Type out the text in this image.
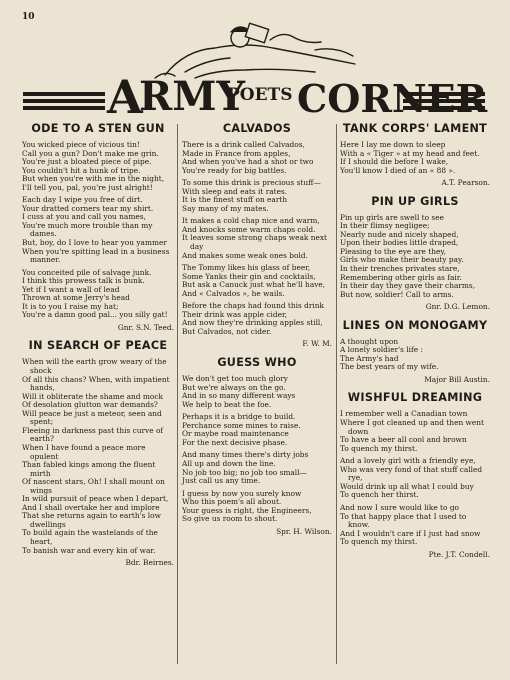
10
A
RMY
POETS CORNER
ODE TO A STEN GUN
You wicked piece of vicious tin!
Call you a gun? Don't make me grin.
You're just a bloated piece of pipe.
You couldn't hit a hunk of tripe.
But when you're with me in the night,
I'll tell you, pal, you're just alright!
Each day I wipe you free of dirt.
Your dratted corners tear my shirt.
I cuss at you and call you names,
You're much more trouble than my dames.
But, boy, do I love to hear you yammer
When you're spitting lead in a business manner.
You conceited pile of salvage junk.
I think this prowess talk is bunk.
Yet if I want a wall of lead
Thrown at some Jerry's head
It is to you I raise my hat;
You're a damn good pal... you silly gat!
Gnr. S.N. Teed.
IN SEARCH OF PEACE
When will the earth grow weary of the shock
Of all this chaos? When, with impatient hands,
Will it obliterate the shame and mock
Of desolation glutton war demands?
Will peace be just a meteor, seen and spent;
Fleeing in darkness past this curve of earth?
When I have found a peace more opulent
Than fabled kings among the fluent mirth
Of nascent stars, Oh! I shall mount on wings
In wild pursuit of peace when I depart,
And I shall overtake her and implore
That she returns again to earth's low dwellings
To build again the wastelands of the heart,
To banish war and every kin of war.
Bdr. Beirnes.
CALVADOS
There is a drink called Calvados,
Made in France from apples,
And when you've had a shot or two
You're ready for big battles.
To some this drink is precious stuff—
With sleep and eats it rates.
It is the finest stuff on earth
Say many of my mates.
It makes a cold chap nice and warm,
And knocks some warm chaps cold.
It leaves some strong chaps weak next day
And makes some weak ones bold.
The Tommy likes his glass of beer,
Some Yanks their gin and cocktails,
But ask a Canuck just what he'll have,
And « Calvados », he wails.
Before the chaps had found this drink
Their drink was apple cider,
And now they're drinking apples still,
But Calvados, not cider.
F. W. M.
GUESS WHO
We don't get too much glory
But we're always on the go.
And in so many different ways
We help to beat the foe.
Perhaps it is a bridge to build.
Perchance some mines to raise.
Or maybe road maintenance
For the next decisive phase.
And many times there's dirty jobs
All up and down the line.
No job too big; no job too small—
Just call us any time.
I guess by now you surely know
Who this poem's all about.
Your guess is right, the Engineers,
So give us room to shout.
Spr. H. Wilson.
TANK CORPS' LAMENT
Here I lay me down to sleep
With a « Tiger » at my head and feet.
If I should die before I wake,
You'll know I died of an « 88 ».
A.T. Pearson.
PIN UP GIRLS
Pin up girls are swell to see
In their flimsy negligee;
Nearly nude and nicely shaped,
Upon their bodies little draped,
Pleasing to the eye are they,
Girls who make their beauty pay.
In their trenches privates stare,
Remembering other girls as fair.
In their day they gave their charms,
But now, soldier! Call to arms.
Gnr. D.G. Lemon.
LINES ON MONOGAMY
A thought upon
A lonely soldier's life :
The Army's had
The best years of my wife.
Major Bill Austin.
WISHFUL DREAMING
I remember well a Canadian town
Where I got cleaned up and then went down
To have a beer all cool and brown
To quench my thirst.
And a lovely girl with a friendly eye,
Who was very fond of that stuff called rye,
Would drink up all what I could buy
To quench her thirst.
And now I sure would like to go
To that happy place that I used to know.
And I wouldn't care if I just had snow
To quench my thirst.
Pte. J.T. Condell.
